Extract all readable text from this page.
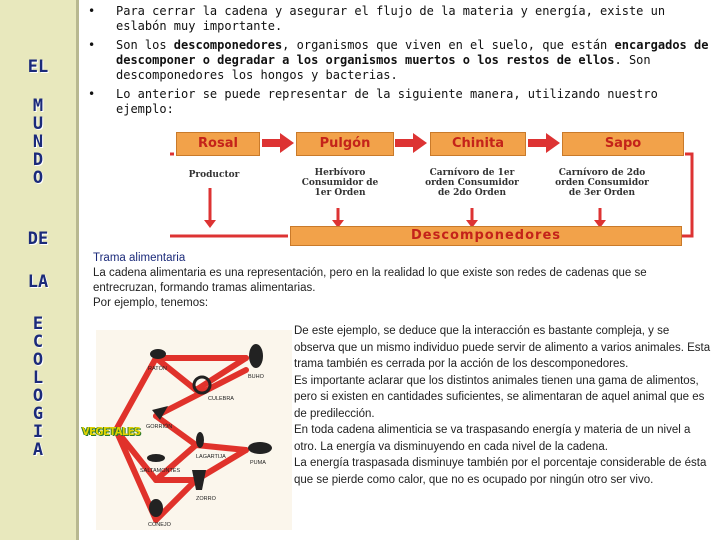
EL
M
U
N
D
O
DE
LA
E
C
O
L
O
G
I
A
• Para cerrar la cadena y asegurar el flujo de la materia y energía, existe un eslabón muy importante.
• Son los descomponedores, organismos que viven en el suelo, que están encargados de descomponer o degradar a los organismos muertos o los restos de ellos. Son descomponedores los hongos y bacterias.
• Lo anterior se puede representar de la siguiente manera, utilizando nuestro ejemplo:
Rosal	Pulgón	Chinita	Sapo
Productor	Herbívoro Consumidor de 1er Orden
Carnívoro de 1er orden Consumidor de 2do Orden
Carnívoro de 2do orden Consumidor de 3er Orden
Descomponedores
Trama alimentaria
La cadena alimentaria es una representación, pero en la realidad lo que existe son redes de cadenas que se entrecruzan, formando tramas alimentarias.
Por ejemplo, tenemos:
RATÓN
CULEBRA
BUHO
GORRIÓN
SALTAMONTES
LAGARTIJA
ZORRO
PUMA
CONEJO
VEGETALES
De este ejemplo, se deduce que la interacción es bastante compleja, y se observa que un mismo individuo puede servir de alimento a varios animales. Esta trama también es cerrada por la acción de los descomponedores.
Es importante aclarar que los distintos animales tienen una gama de alimentos, pero si existen en cantidades suficientes, se alimentaran de aquel animal que es de predilección.
En toda cadena alimenticia se va traspasando energía y materia de un nivel a otro. La energía va disminuyendo en cada nivel de la cadena.
La energía traspasada disminuye también por el porcentaje considerable de ésta que se pierde como calor, que no es ocupado por ningún otro ser vivo.
